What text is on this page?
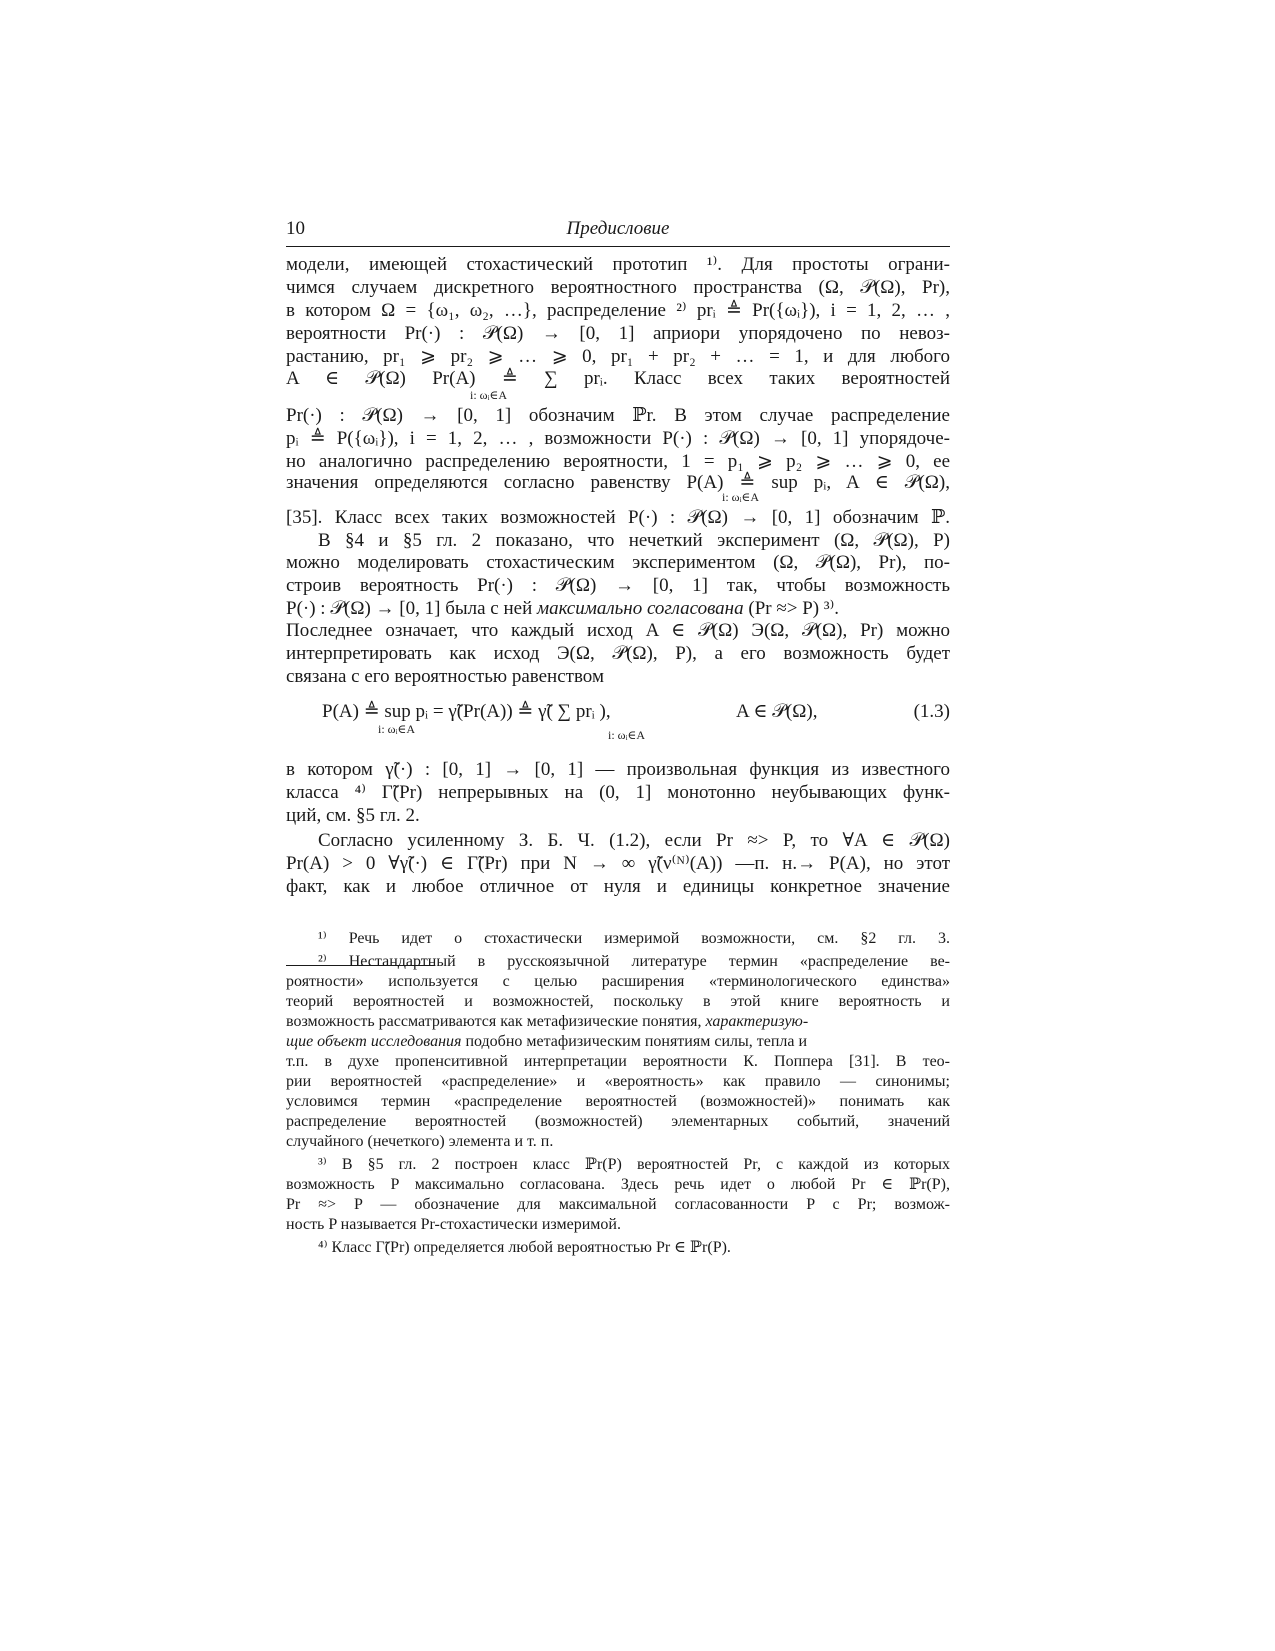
10	Предисловие
модели, имеющей стохастический прототип ¹⁾. Для простоты ограни-
чимся случаем дискретного вероятностного пространства (Ω, 𝒫(Ω), Pr),
в котором Ω = {ω₁, ω₂, …}, распределение ²⁾ prᵢ ≜ Pr({ωᵢ}), i = 1, 2, … ,
вероятности Pr(·) : 𝒫(Ω) → [0, 1] априори упорядочено по невоз-
растанию, pr₁ ⩾ pr₂ ⩾ … ⩾ 0, pr₁ + pr₂ + … = 1, и для любого
A ∈ 𝒫(Ω) Pr(A) ≜ ∑ prᵢ. Класс всех таких вероятностей
i: ωᵢ∈A
Pr(·) : 𝒫(Ω) → [0, 1] обозначим ℙr. В этом случае распределение
pᵢ ≜ P({ωᵢ}), i = 1, 2, … , возможности P(·) : 𝒫(Ω) → [0, 1] упорядоче-
но аналогично распределению вероятности, 1 = p₁ ⩾ p₂ ⩾ … ⩾ 0, ее
значения определяются согласно равенству P(A) ≜ sup pᵢ, A ∈ 𝒫(Ω),
i: ωᵢ∈A
[35]. Класс всех таких возможностей P(·) : 𝒫(Ω) → [0, 1] обозначим ℙ.
В §4 и §5 гл. 2 показано, что нечеткий эксперимент (Ω, 𝒫(Ω), P)
можно моделировать стохастическим экспериментом (Ω, 𝒫(Ω), Pr), по-
строив вероятность Pr(·) : 𝒫(Ω) → [0, 1] так, чтобы возможность
P(·) : 𝒫(Ω) → [0, 1] была с ней максимально согласована (Pr ≈> P) ³⁾.
Последнее означает, что каждый исход A ∈ 𝒫(Ω) Э(Ω, 𝒫(Ω), Pr) можно
интерпретировать как исход Э(Ω, 𝒫(Ω), P), а его возможность будет
связана с его вероятностью равенством
P(A) ≜ sup pᵢ = γ̃(Pr(A)) ≜ γ̃( ∑ prᵢ ),
i: ωᵢ∈A	i: ωᵢ∈A
A ∈ 𝒫(Ω),	(1.3)
в котором γ̃(·) : [0, 1] → [0, 1] — произвольная функция из известного
класса ⁴⁾ Γ̃(Pr) непрерывных на (0, 1] монотонно неубывающих функ-
ций, см. §5 гл. 2.
Согласно усиленному З. Б. Ч. (1.2), если Pr ≈> P, то ∀A ∈ 𝒫(Ω)
Pr(A) > 0 ∀γ̃(·) ∈ Γ̃(Pr) при N → ∞ γ̃(ν⁽ᴺ⁾(A)) —п. н.→ P(A), но этот
факт, как и любое отличное от нуля и единицы конкретное значение
¹⁾ Речь идет о стохастически измеримой возможности, см. §2 гл. 3.
²⁾ Нестандартный в русскоязычной литературе термин «распределение ве-
роятности» используется с целью расширения «терминологического единства»
теорий вероятностей и возможностей, поскольку в этой книге вероятность и
возможность рассматриваются как метафизические понятия, характеризую-
щие объект исследования подобно метафизическим понятиям силы, тепла и
т.п. в духе пропенситивной интерпретации вероятности К. Поппера [31]. В тео-
рии вероятностей «распределение» и «вероятность» как правило — синонимы;
условимся термин «распределение вероятностей (возможностей)» понимать как
распределение вероятностей (возможностей) элементарных событий, значений
случайного (нечеткого) элемента и т. п.
³⁾ В §5 гл. 2 построен класс ℙr(P) вероятностей Pr, с каждой из которых
возможность P максимально согласована. Здесь речь идет о любой Pr ∈ ℙr(P),
Pr ≈> P — обозначение для максимальной согласованности P с Pr; возмож-
ность P называется Pr-стохастически измеримой.
⁴⁾ Класс Γ̃(Pr) определяется любой вероятностью Pr ∈ ℙr(P).
